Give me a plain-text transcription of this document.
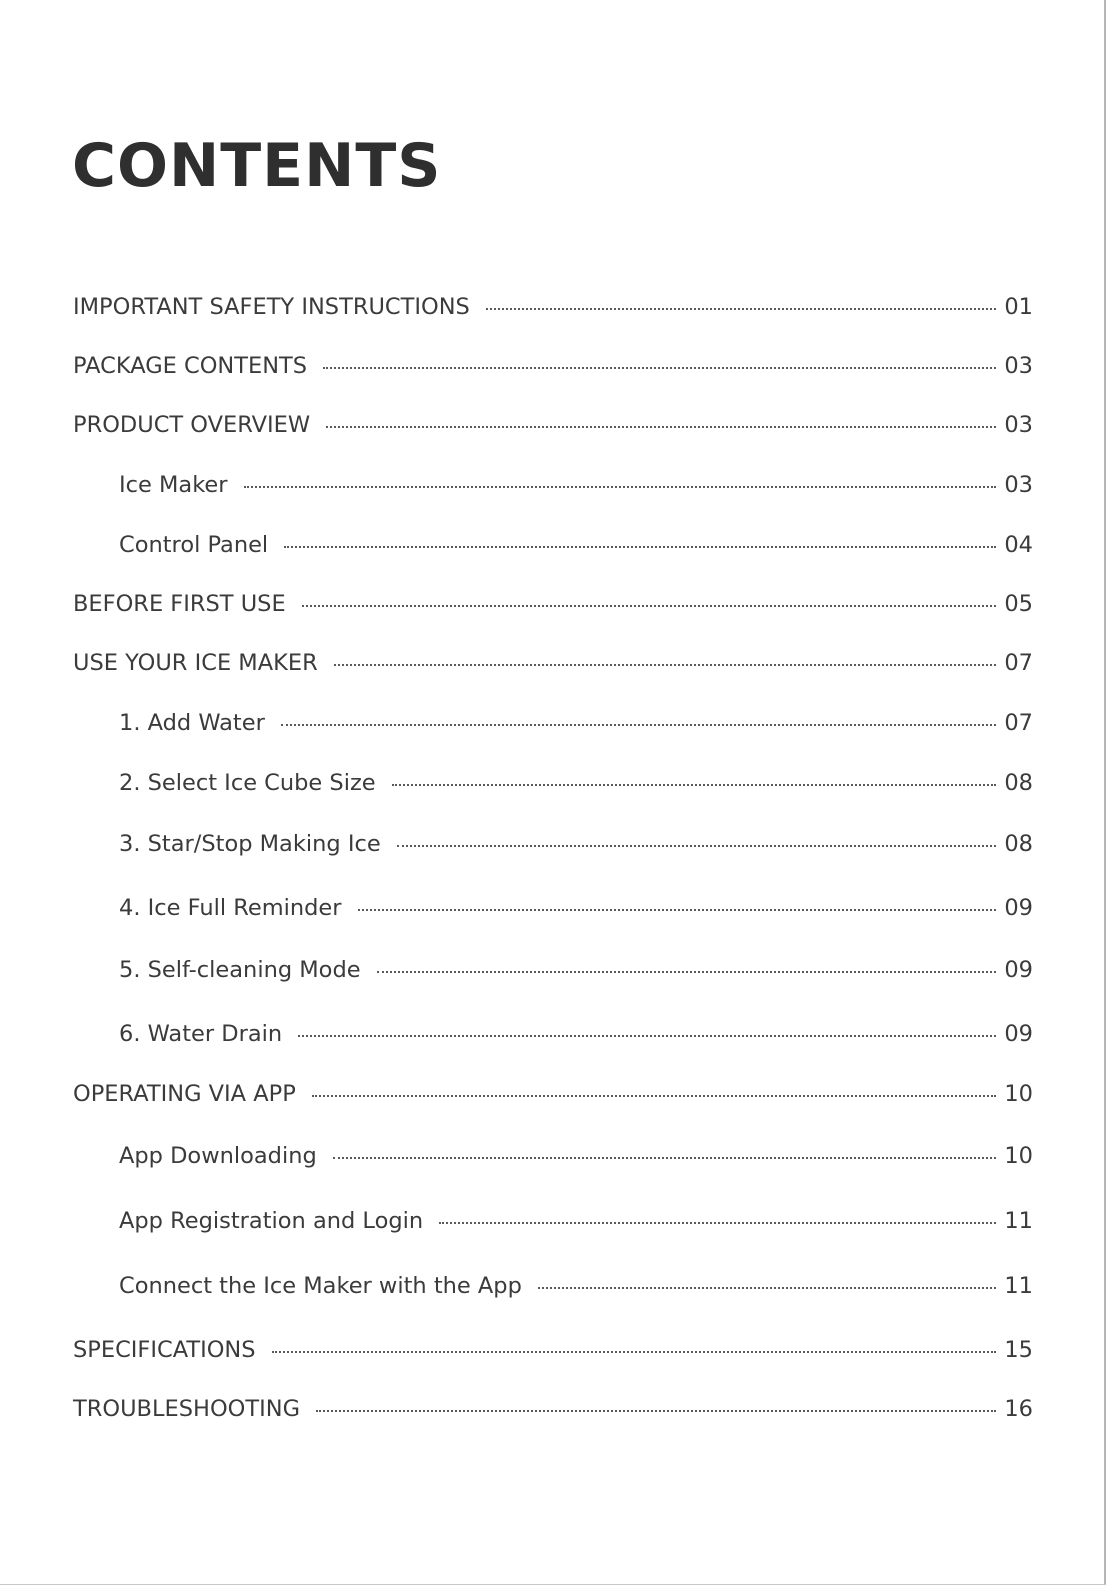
CONTENTS
IMPORTANT SAFETY INSTRUCTIONS	01
PACKAGE CONTENTS	03
PRODUCT OVERVIEW	03
Ice Maker	03
Control Panel	04
BEFORE FIRST USE	05
USE YOUR ICE MAKER	07
1. Add Water	07
2. Select Ice Cube Size	08
3. Star/Stop Making Ice	08
4. Ice Full Reminder	09
5. Self-cleaning Mode	09
6. Water Drain	09
OPERATING VIA APP	10
App Downloading	10
App Registration and Login	11
Connect the Ice Maker with the App	11
SPECIFICATIONS	15
TROUBLESHOOTING	16
